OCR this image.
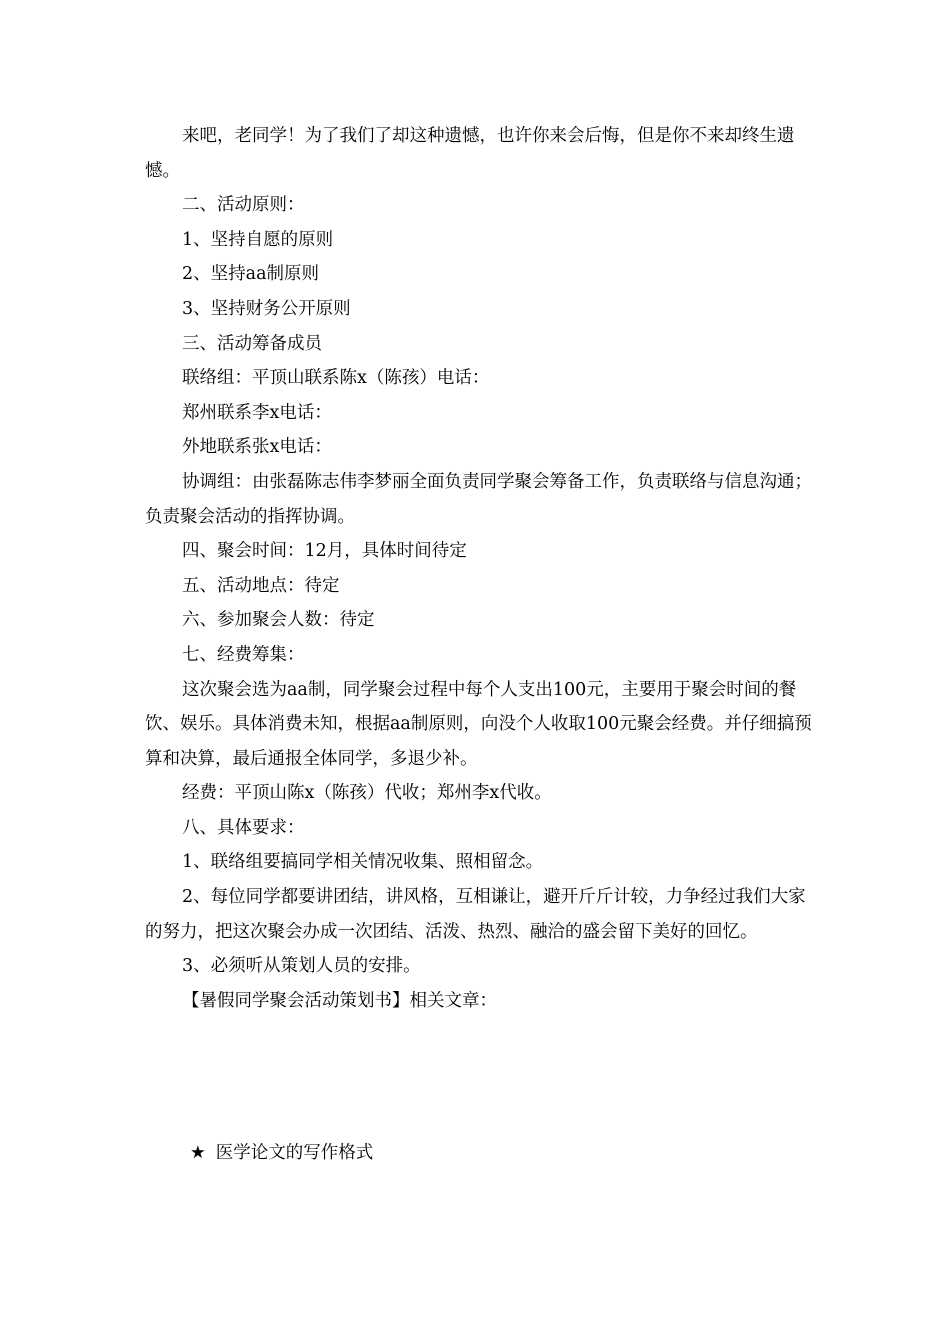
来吧，老同学！为了我们了却这种遗憾，也许你来会后悔，但是你不来却终生遗憾。

二、活动原则：

1、坚持自愿的原则

2、坚持aa制原则

3、坚持财务公开原则

三、活动筹备成员

联络组：平顶山联系陈x（陈孩）电话：

郑州联系李x电话：

外地联系张x电话：

协调组：由张磊陈志伟李梦丽全面负责同学聚会筹备工作，负责联络与信息沟通；负责聚会活动的指挥协调。

四、聚会时间：12月，具体时间待定

五、活动地点：待定

六、参加聚会人数：待定

七、经费筹集：

这次聚会选为aa制，同学聚会过程中每个人支出100元，主要用于聚会时间的餐饮、娱乐。具体消费未知，根据aa制原则，向没个人收取100元聚会经费。并仔细搞预算和决算，最后通报全体同学，多退少补。

经费：平顶山陈x（陈孩）代收；郑州李x代收。

八、具体要求：

1、联络组要搞同学相关情况收集、照相留念。

2、每位同学都要讲团结，讲风格，互相谦让，避开斤斤计较，力争经过我们大家的努力，把这次聚会办成一次团结、活泼、热烈、融洽的盛会留下美好的回忆。

3、必须听从策划人员的安排。

【暑假同学聚会活动策划书】相关文章：

★ 医学论文的写作格式
